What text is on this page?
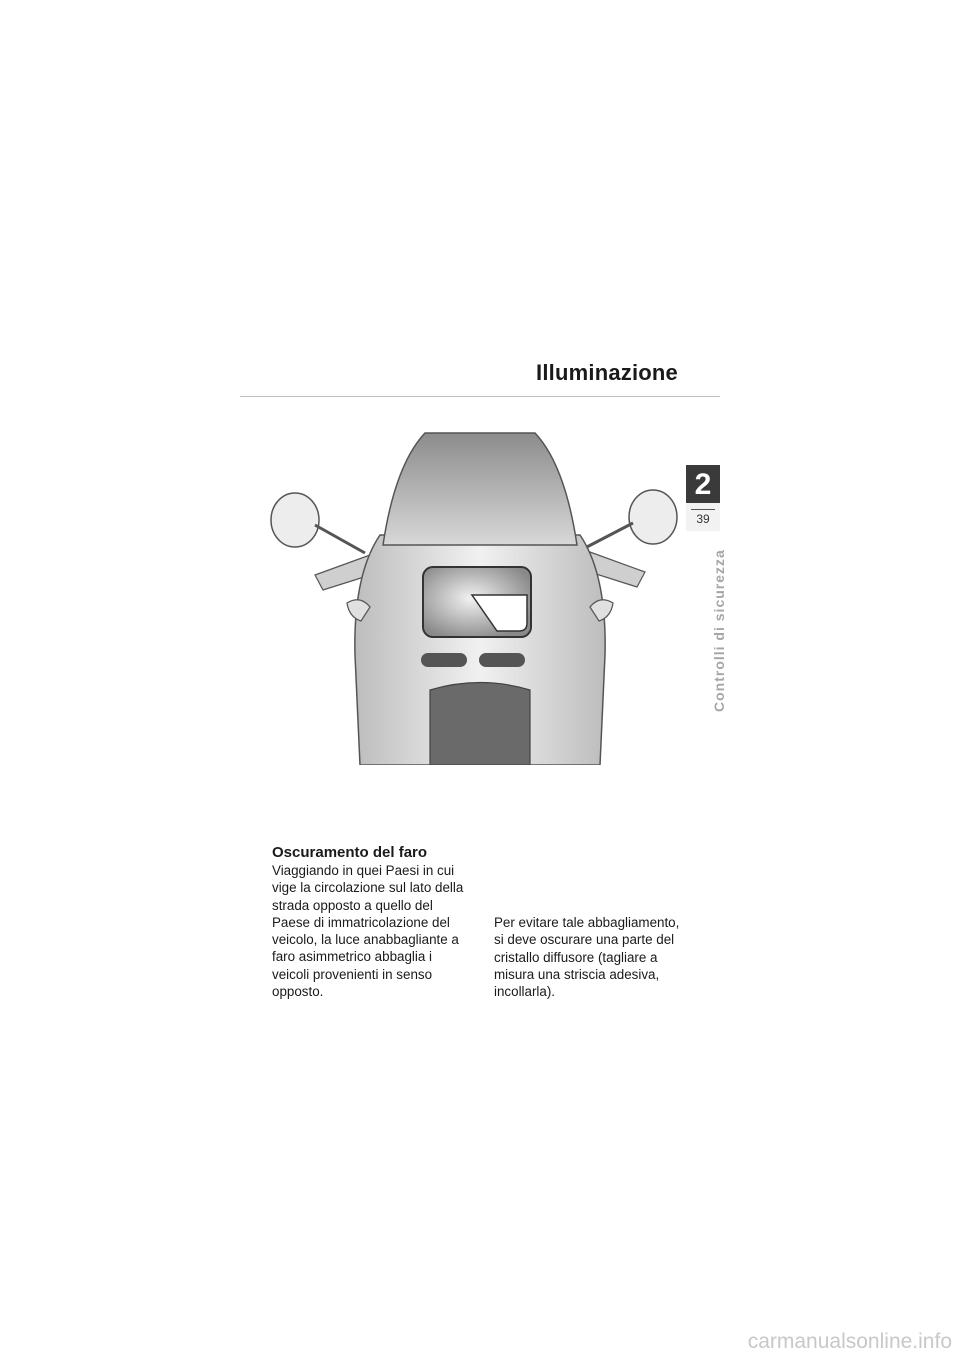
Illuminazione
2
39
Controlli di sicurezza
Oscuramento del faro

Viaggiando in quei Paesi in cui vige la circolazione sul lato della strada opposto a quello del Paese di immatricolazione del veicolo, la luce anabbagliante a faro asimmetrico abbaglia i veicoli provenienti in senso opposto.

Per evitare tale abbagliamento, si deve oscurare una parte del cristallo diffusore (tagliare a misura una striscia adesiva, incollarla).

carmanualsonline.info
